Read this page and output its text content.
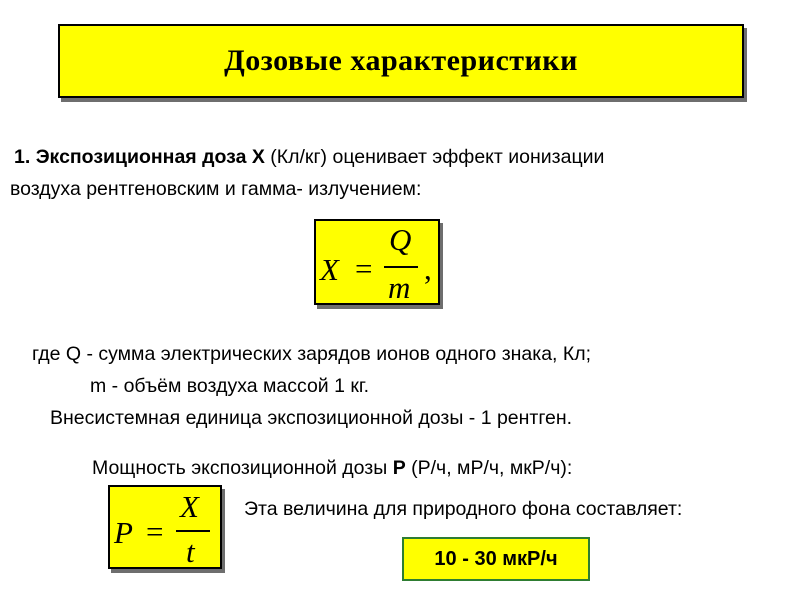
Дозовые характеристики
1. Экспозиционная доза X (Кл/кг) оценивает эффект ионизации
воздуха рентгеновским и гамма- излучением:
X =
Q
m
,
где Q - сумма электрических зарядов ионов одного знака, Кл;
m - объём воздуха массой 1 кг.
Внесистемная единица экспозиционной дозы - 1 рентген.
Мощность экспозиционной дозы P (Р/ч, мР/ч, мкР/ч):
P =
X
t
Эта величина для природного фона составляет:
10 - 30 мкР/ч
